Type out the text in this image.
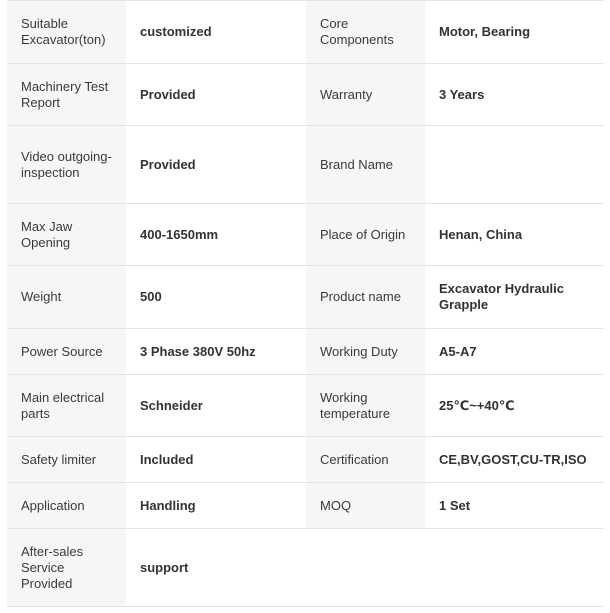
Suitable Excavator(ton)	customized	Core Components	Motor, Bearing
Machinery Test Report	Provided	Warranty	3 Years
Video outgoing-inspection	Provided	Brand Name	
Max Jaw Opening	400-1650mm	Place of Origin	Henan, China
Weight	500	Product name	Excavator Hydraulic Grapple
Power Source	3 Phase 380V 50hz	Working Duty	A5-A7
Main electrical parts	Schneider	Working temperature	25℃~+40℃
Safety limiter	Included	Certification	CE,BV,GOST,CU-TR,ISO
Application	Handling	MOQ	1 Set
After-sales Service Provided	support		
